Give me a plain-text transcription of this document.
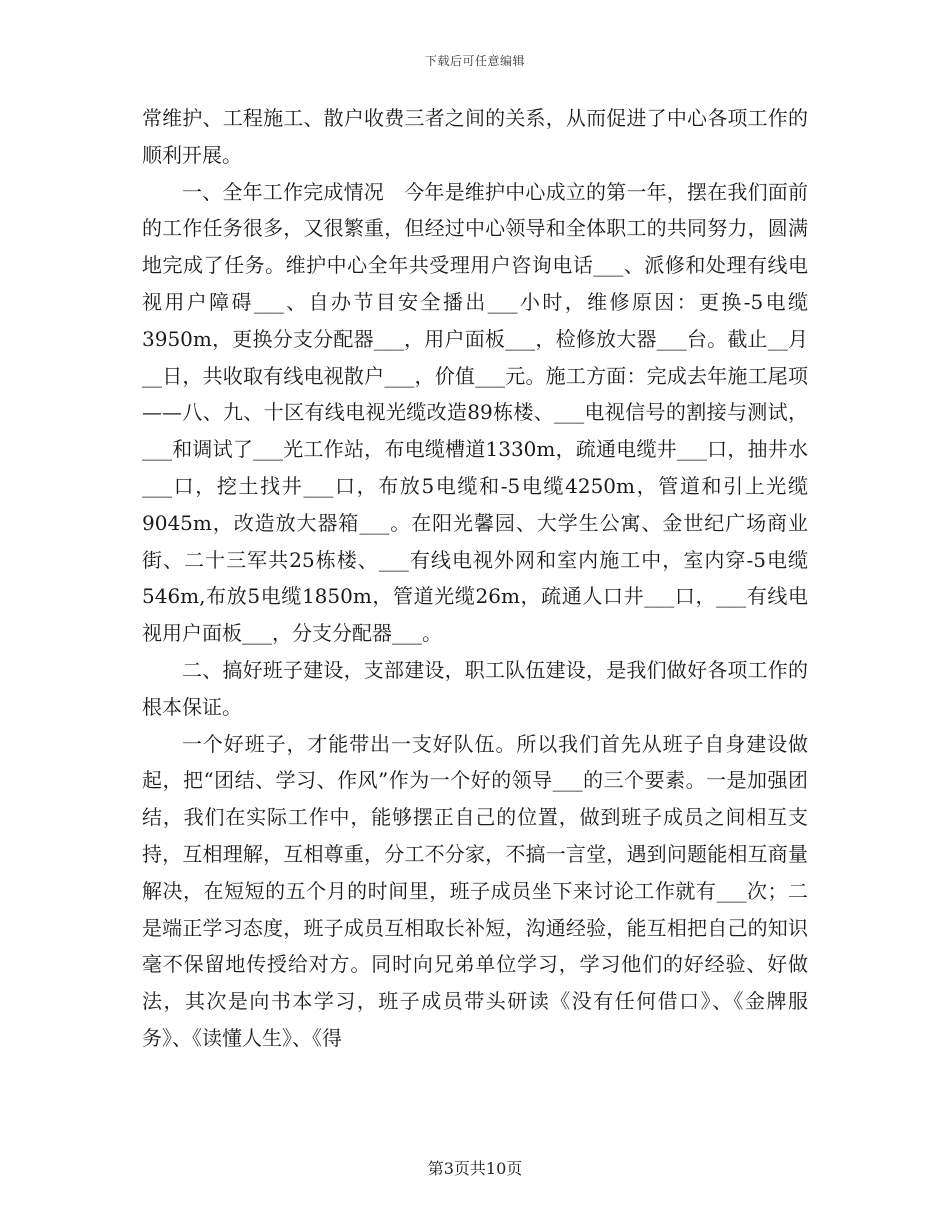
下载后可任意编辑

常维护、工程施工、散户收费三者之间的关系，从而促进了中心各项工作的顺利开展。

一、全年工作完成情况　今年是维护中心成立的第一年，摆在我们面前的工作任务很多，又很繁重，但经过中心领导和全体职工的共同努力，圆满地完成了任务。维护中心全年共受理用户咨询电话___、派修和处理有线电视用户障碍___、自办节目安全播出___小时，维修原因：更换-5电缆3950m，更换分支分配器___，用户面板___，检修放大器___台。截止__月__日，共收取有线电视散户___，价值___元。施工方面：完成去年施工尾项——八、九、十区有线电视光缆改造89栋楼、___电视信号的割接与测试，___和调试了___光工作站，布电缆槽道1330m，疏通电缆井___口，抽井水___口，挖土找井___口，布放5电缆和-5电缆4250m，管道和引上光缆9045m，改造放大器箱___。在阳光馨园、大学生公寓、金世纪广场商业街、二十三军共25栋楼、___有线电视外网和室内施工中，室内穿-5电缆546m,布放5电缆1850m，管道光缆26m，疏通人口井___口，___有线电视用户面板___，分支分配器___。

二、搞好班子建设，支部建设，职工队伍建设，是我们做好各项工作的根本保证。

一个好班子，才能带出一支好队伍。所以我们首先从班子自身建设做起，把“团结、学习、作风”作为一个好的领导___的三个要素。一是加强团结，我们在实际工作中，能够摆正自己的位置，做到班子成员之间相互支持，互相理解，互相尊重，分工不分家，不搞一言堂，遇到问题能相互商量解决，在短短的五个月的时间里，班子成员坐下来讨论工作就有___次；二是端正学习态度，班子成员互相取长补短，沟通经验，能互相把自己的知识毫不保留地传授给对方。同时向兄弟单位学习，学习他们的好经验、好做法，其次是向书本学习，班子成员带头研读《没有任何借口》、《金牌服务》、《读懂人生》、《得

第3页共10页
